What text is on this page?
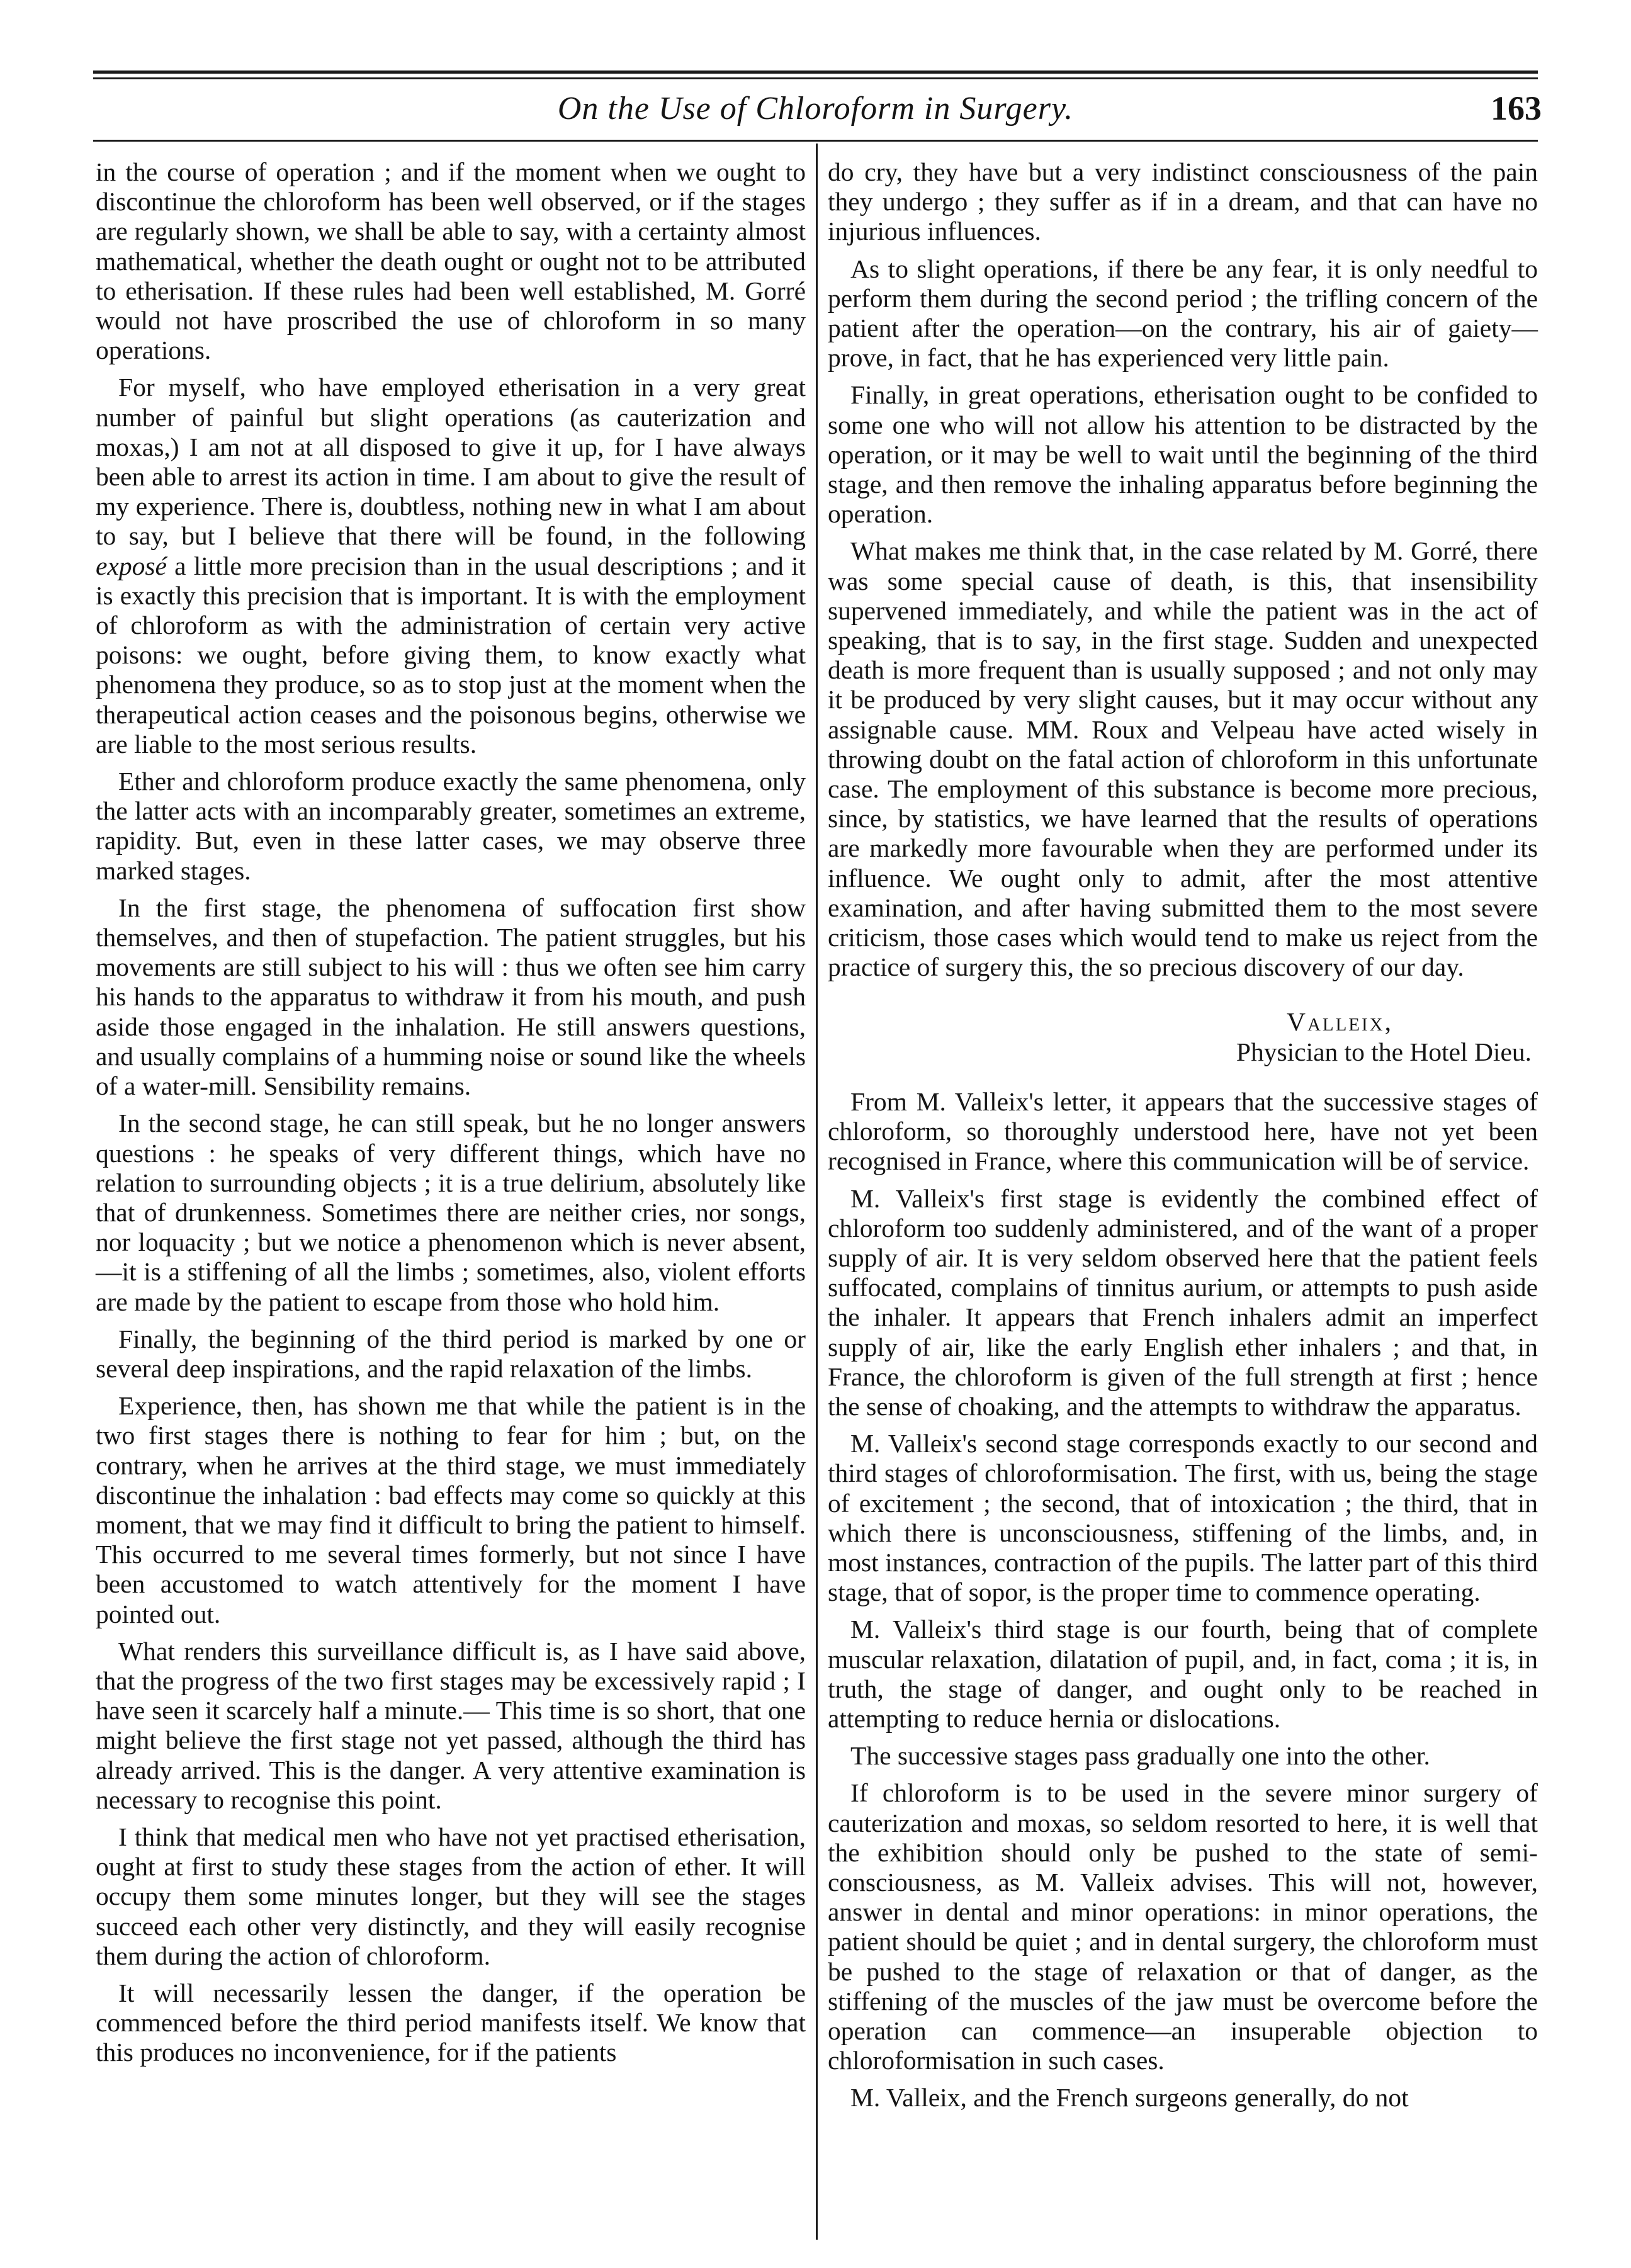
On the Use of Chloroform in Surgery.	163

in the course of operation ; and if the moment when we ought to discontinue the chloroform has been well observed, or if the stages are regularly shown, we shall be able to say, with a certainty almost mathematical, whether the death ought or ought not to be attributed to etherisation. If these rules had been well established, M. Gorré would not have proscribed the use of chloroform in so many operations.

For myself, who have employed etherisation in a very great number of painful but slight operations (as cauterization and moxas,) I am not at all disposed to give it up, for I have always been able to arrest its action in time. I am about to give the result of my experience. There is, doubtless, nothing new in what I am about to say, but I believe that there will be found, in the following exposé a little more precision than in the usual descriptions ; and it is exactly this precision that is important. It is with the employment of chloroform as with the administration of certain very active poisons: we ought, before giving them, to know exactly what phenomena they produce, so as to stop just at the moment when the therapeutical action ceases and the poisonous begins, otherwise we are liable to the most serious results.

Ether and chloroform produce exactly the same phenomena, only the latter acts with an incomparably greater, sometimes an extreme, rapidity. But, even in these latter cases, we may observe three marked stages.

In the first stage, the phenomena of suffocation first show themselves, and then of stupefaction. The patient struggles, but his movements are still subject to his will : thus we often see him carry his hands to the apparatus to withdraw it from his mouth, and push aside those engaged in the inhalation. He still answers questions, and usually complains of a humming noise or sound like the wheels of a water-mill. Sensibility remains.

In the second stage, he can still speak, but he no longer answers questions : he speaks of very different things, which have no relation to surrounding objects ; it is a true delirium, absolutely like that of drunkenness. Sometimes there are neither cries, nor songs, nor loquacity ; but we notice a phenomenon which is never absent,—it is a stiffening of all the limbs ; sometimes, also, violent efforts are made by the patient to escape from those who hold him.

Finally, the beginning of the third period is marked by one or several deep inspirations, and the rapid relaxation of the limbs.

Experience, then, has shown me that while the patient is in the two first stages there is nothing to fear for him ; but, on the contrary, when he arrives at the third stage, we must immediately discontinue the inhalation : bad effects may come so quickly at this moment, that we may find it difficult to bring the patient to himself. This occurred to me several times formerly, but not since I have been accustomed to watch attentively for the moment I have pointed out.

What renders this surveillance difficult is, as I have said above, that the progress of the two first stages may be excessively rapid ; I have seen it scarcely half a minute.— This time is so short, that one might believe the first stage not yet passed, although the third has already arrived. This is the danger. A very attentive examination is necessary to recognise this point.

I think that medical men who have not yet practised etherisation, ought at first to study these stages from the action of ether. It will occupy them some minutes longer, but they will see the stages succeed each other very distinctly, and they will easily recognise them during the action of chloroform.

It will necessarily lessen the danger, if the operation be commenced before the third period manifests itself. We know that this produces no inconvenience, for if the patients

do cry, they have but a very indistinct consciousness of the pain they undergo ; they suffer as if in a dream, and that can have no injurious influences.

As to slight operations, if there be any fear, it is only needful to perform them during the second period ; the trifling concern of the patient after the operation—on the contrary, his air of gaiety—prove, in fact, that he has experienced very little pain.

Finally, in great operations, etherisation ought to be confided to some one who will not allow his attention to be distracted by the operation, or it may be well to wait until the beginning of the third stage, and then remove the inhaling apparatus before beginning the operation.

What makes me think that, in the case related by M. Gorré, there was some special cause of death, is this, that insensibility supervened immediately, and while the patient was in the act of speaking, that is to say, in the first stage. Sudden and unexpected death is more frequent than is usually supposed ; and not only may it be produced by very slight causes, but it may occur without any assignable cause. MM. Roux and Velpeau have acted wisely in throwing doubt on the fatal action of chloroform in this unfortunate case. The employment of this substance is become more precious, since, by statistics, we have learned that the results of operations are markedly more favourable when they are performed under its influence. We ought only to admit, after the most attentive examination, and after having submitted them to the most severe criticism, those cases which would tend to make us reject from the practice of surgery this, the so precious discovery of our day.

Valleix,
Physician to the Hotel Dieu.

From M. Valleix's letter, it appears that the successive stages of chloroform, so thoroughly understood here, have not yet been recognised in France, where this communication will be of service.

M. Valleix's first stage is evidently the combined effect of chloroform too suddenly administered, and of the want of a proper supply of air. It is very seldom observed here that the patient feels suffocated, complains of tinnitus aurium, or attempts to push aside the inhaler. It appears that French inhalers admit an imperfect supply of air, like the early English ether inhalers ; and that, in France, the chloroform is given of the full strength at first ; hence the sense of choaking, and the attempts to withdraw the apparatus.

M. Valleix's second stage corresponds exactly to our second and third stages of chloroformisation. The first, with us, being the stage of excitement ; the second, that of intoxication ; the third, that in which there is unconsciousness, stiffening of the limbs, and, in most instances, contraction of the pupils. The latter part of this third stage, that of sopor, is the proper time to commence operating.

M. Valleix's third stage is our fourth, being that of complete muscular relaxation, dilatation of pupil, and, in fact, coma ; it is, in truth, the stage of danger, and ought only to be reached in attempting to reduce hernia or dislocations.

The successive stages pass gradually one into the other.

If chloroform is to be used in the severe minor surgery of cauterization and moxas, so seldom resorted to here, it is well that the exhibition should only be pushed to the state of semi-consciousness, as M. Valleix advises. This will not, however, answer in dental and minor operations: in minor operations, the patient should be quiet ; and in dental surgery, the chloroform must be pushed to the stage of relaxation or that of danger, as the stiffening of the muscles of the jaw must be overcome before the operation can commence—an insuperable objection to chloroformisation in such cases.

M. Valleix, and the French surgeons generally, do not
